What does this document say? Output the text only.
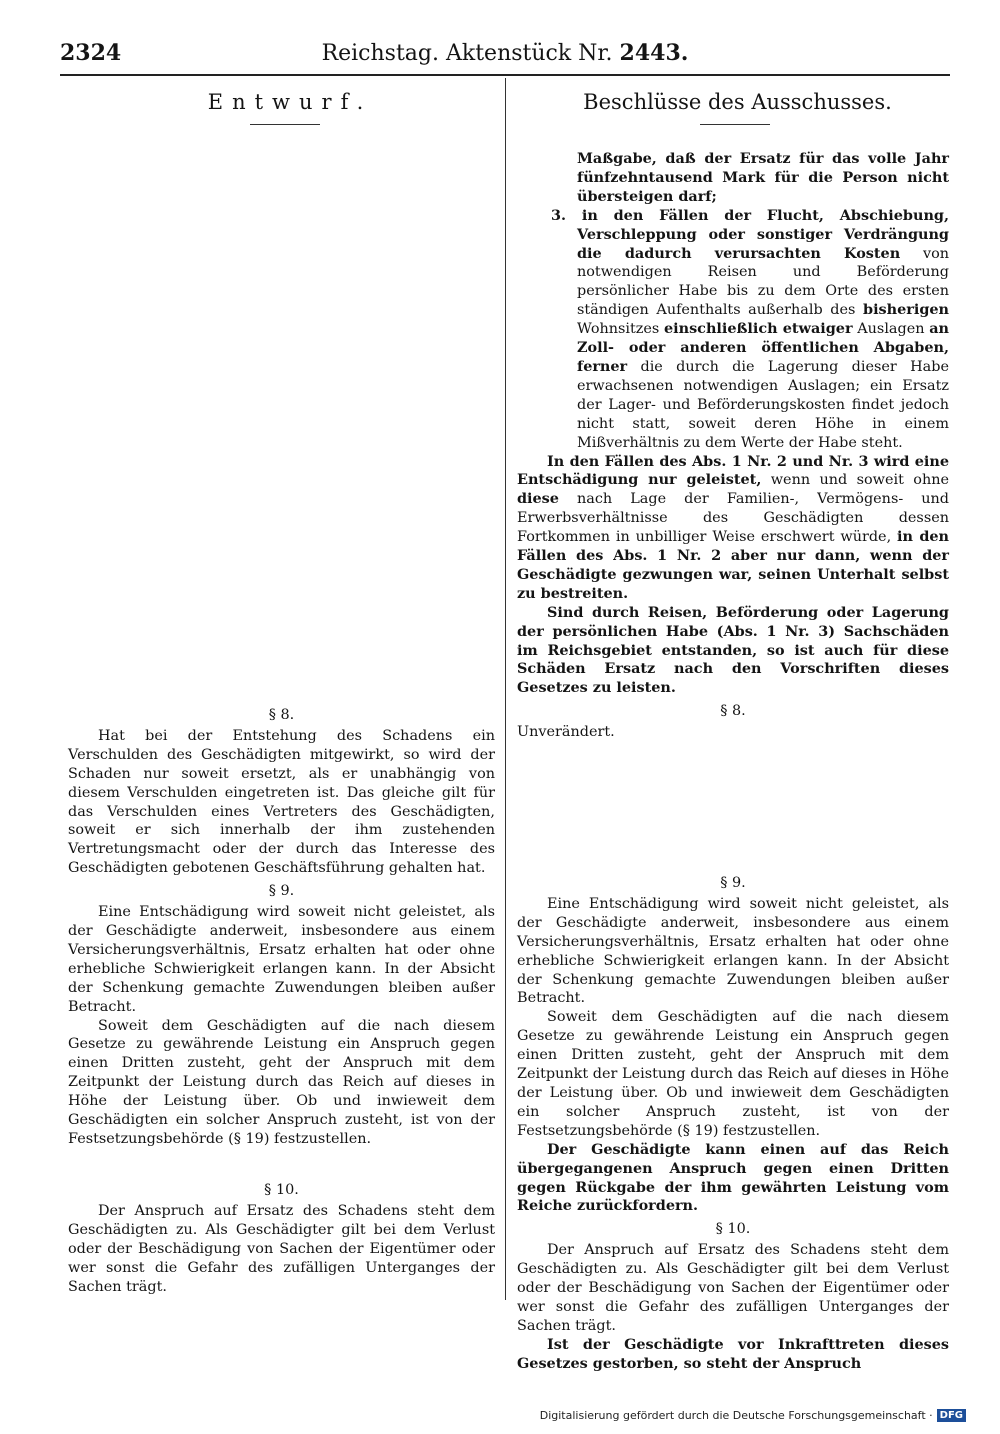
2324	Reichstag. Aktenstück Nr. 2443.
Entwurf.	Beschlüsse des Ausschusses.

Maßgabe, daß der Ersatz für das volle Jahr fünfzehntausend Mark für die Person nicht übersteigen darf;

3. in den Fällen der Flucht, Abschiebung, Verschleppung oder sonstiger Verdrängung die dadurch verursachten Kosten von notwendigen Reisen und Beförderung persönlicher Habe bis zu dem Orte des ersten ständigen Aufenthalts außerhalb des bisherigen Wohnsitzes einschließlich etwaiger Auslagen an Zoll- oder anderen öffentlichen Abgaben, ferner die durch die Lagerung dieser Habe erwachsenen notwendigen Auslagen; ein Ersatz der Lager- und Beförderungskosten findet jedoch nicht statt, soweit deren Höhe in einem Mißverhältnis zu dem Werte der Habe steht.

In den Fällen des Abs. 1 Nr. 2 und Nr. 3 wird eine Entschädigung nur geleistet, wenn und soweit ohne diese nach Lage der Familien-, Vermögens- und Erwerbsverhältnisse des Geschädigten dessen Fortkommen in unbilliger Weise erschwert würde, in den Fällen des Abs. 1 Nr. 2 aber nur dann, wenn der Geschädigte gezwungen war, seinen Unterhalt selbst zu bestreiten.

Sind durch Reisen, Beförderung oder Lagerung der persönlichen Habe (Abs. 1 Nr. 3) Sachschäden im Reichsgebiet entstanden, so ist auch für diese Schäden Ersatz nach den Vorschriften dieses Gesetzes zu leisten.

§ 8.

Unverändert.

§ 9.

Eine Entschädigung wird soweit nicht geleistet, als der Geschädigte anderweit, insbesondere aus einem Versicherungsverhältnis, Ersatz erhalten hat oder ohne erhebliche Schwierigkeit erlangen kann. In der Absicht der Schenkung gemachte Zuwendungen bleiben außer Betracht.

Soweit dem Geschädigten auf die nach diesem Gesetze zu gewährende Leistung ein Anspruch gegen einen Dritten zusteht, geht der Anspruch mit dem Zeitpunkt der Leistung durch das Reich auf dieses in Höhe der Leistung über. Ob und inwieweit dem Geschädigten ein solcher Anspruch zusteht, ist von der Festsetzungsbehörde (§ 19) festzustellen.

Der Geschädigte kann einen auf das Reich übergegangenen Anspruch gegen einen Dritten gegen Rückgabe der ihm gewährten Leistung vom Reiche zurückfordern.

§ 10.

Der Anspruch auf Ersatz des Schadens steht dem Geschädigten zu. Als Geschädigter gilt bei dem Verlust oder der Beschädigung von Sachen der Eigentümer oder wer sonst die Gefahr des zufälligen Unterganges der Sachen trägt.

Ist der Geschädigte vor Inkrafttreten dieses Gesetzes gestorben, so steht der Anspruch

§ 8.

Hat bei der Entstehung des Schadens ein Verschulden des Geschädigten mitgewirkt, so wird der Schaden nur soweit ersetzt, als er unabhängig von diesem Verschulden eingetreten ist. Das gleiche gilt für das Verschulden eines Vertreters des Geschädigten, soweit er sich innerhalb der ihm zustehenden Vertretungsmacht oder der durch das Interesse des Geschädigten gebotenen Geschäftsführung gehalten hat.

§ 9.

Eine Entschädigung wird soweit nicht geleistet, als der Geschädigte anderweit, insbesondere aus einem Versicherungsverhältnis, Ersatz erhalten hat oder ohne erhebliche Schwierigkeit erlangen kann. In der Absicht der Schenkung gemachte Zuwendungen bleiben außer Betracht.

Soweit dem Geschädigten auf die nach diesem Gesetze zu gewährende Leistung ein Anspruch gegen einen Dritten zusteht, geht der Anspruch mit dem Zeitpunkt der Leistung durch das Reich auf dieses in Höhe der Leistung über. Ob und inwieweit dem Geschädigten ein solcher Anspruch zusteht, ist von der Festsetzungsbehörde (§ 19) festzustellen.

§ 10.

Der Anspruch auf Ersatz des Schadens steht dem Geschädigten zu. Als Geschädigter gilt bei dem Verlust oder der Beschädigung von Sachen der Eigentümer oder wer sonst die Gefahr des zufälligen Unterganges der Sachen trägt.

Digitalisierung gefördert durch die Deutsche Forschungsgemeinschaft · DFG
